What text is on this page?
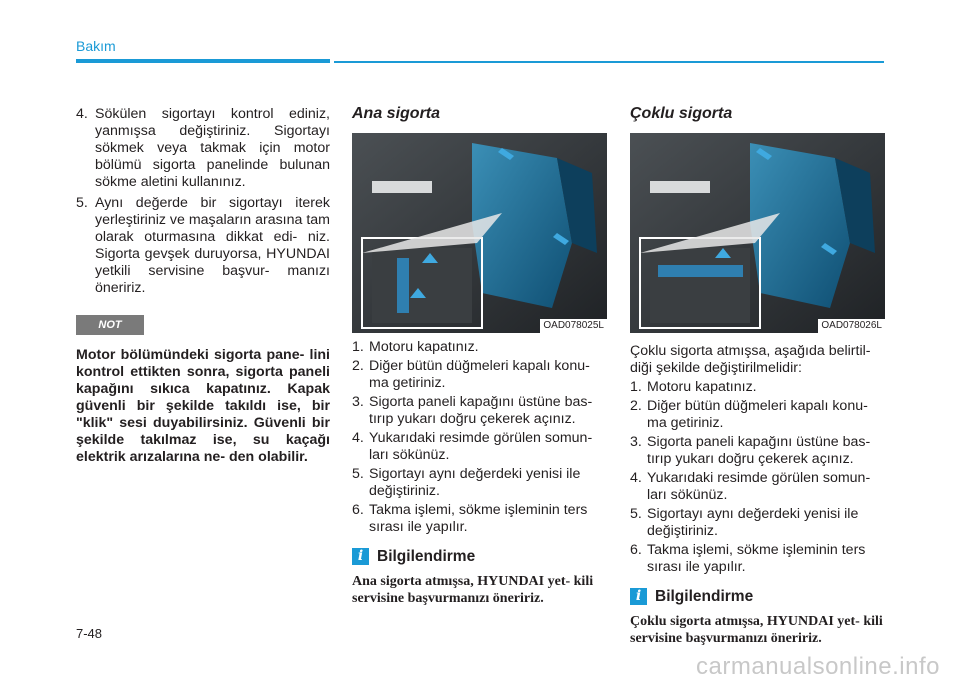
Bakım
4. Sökülen sigortayı kontrol ediniz, yanmışsa değiştiriniz. Sigortayı sökmek veya takmak için motor bölümü sigorta panelinde bulunan sökme aletini kullanınız.
5. Aynı değerde bir sigortayı iterek yerleştiriniz ve maşaların arasına tam olarak oturmasına dikkat edi- niz. Sigorta gevşek duruyorsa, HYUNDAI yetkili servisine başvur- manızı öneririz.
NOT
Motor bölümündeki sigorta pane- lini kontrol ettikten sonra, sigorta paneli kapağını sıkıca kapatınız. Kapak güvenli bir şekilde takıldı ise, bir "klik" sesi duyabilirsiniz. Güvenli bir şekilde takılmaz ise, su kaçağı elektrik arızalarına ne- den olabilir.
Ana sigorta
OAD078025L
1. Motoru kapatınız.
2. Diğer bütün düğmeleri kapalı konu- ma getiriniz.
3. Sigorta paneli kapağını üstüne bas- tırıp yukarı doğru çekerek açınız.
4. Yukarıdaki resimde görülen somun- ları sökünüz.
5. Sigortayı aynı değerdeki yenisi ile değiştiriniz.
6. Takma işlemi, sökme işleminin ters sırası ile yapılır.
i Bilgilendirme
Ana sigorta atmışsa, HYUNDAI yet- kili servisine başvurmanızı öneririz.
Çoklu sigorta
OAD078026L
Çoklu sigorta atmışsa, aşağıda belirtil- diği şekilde değiştirilmelidir:
1. Motoru kapatınız.
2. Diğer bütün düğmeleri kapalı konu- ma getiriniz.
3. Sigorta paneli kapağını üstüne bas- tırıp yukarı doğru çekerek açınız.
4. Yukarıdaki resimde görülen somun- ları sökünüz.
5. Sigortayı aynı değerdeki yenisi ile değiştiriniz.
6. Takma işlemi, sökme işleminin ters sırası ile yapılır.
i Bilgilendirme
Çoklu sigorta atmışsa, HYUNDAI yet- kili servisine başvurmanızı öneririz.
7-48
carmanualsonline.info
